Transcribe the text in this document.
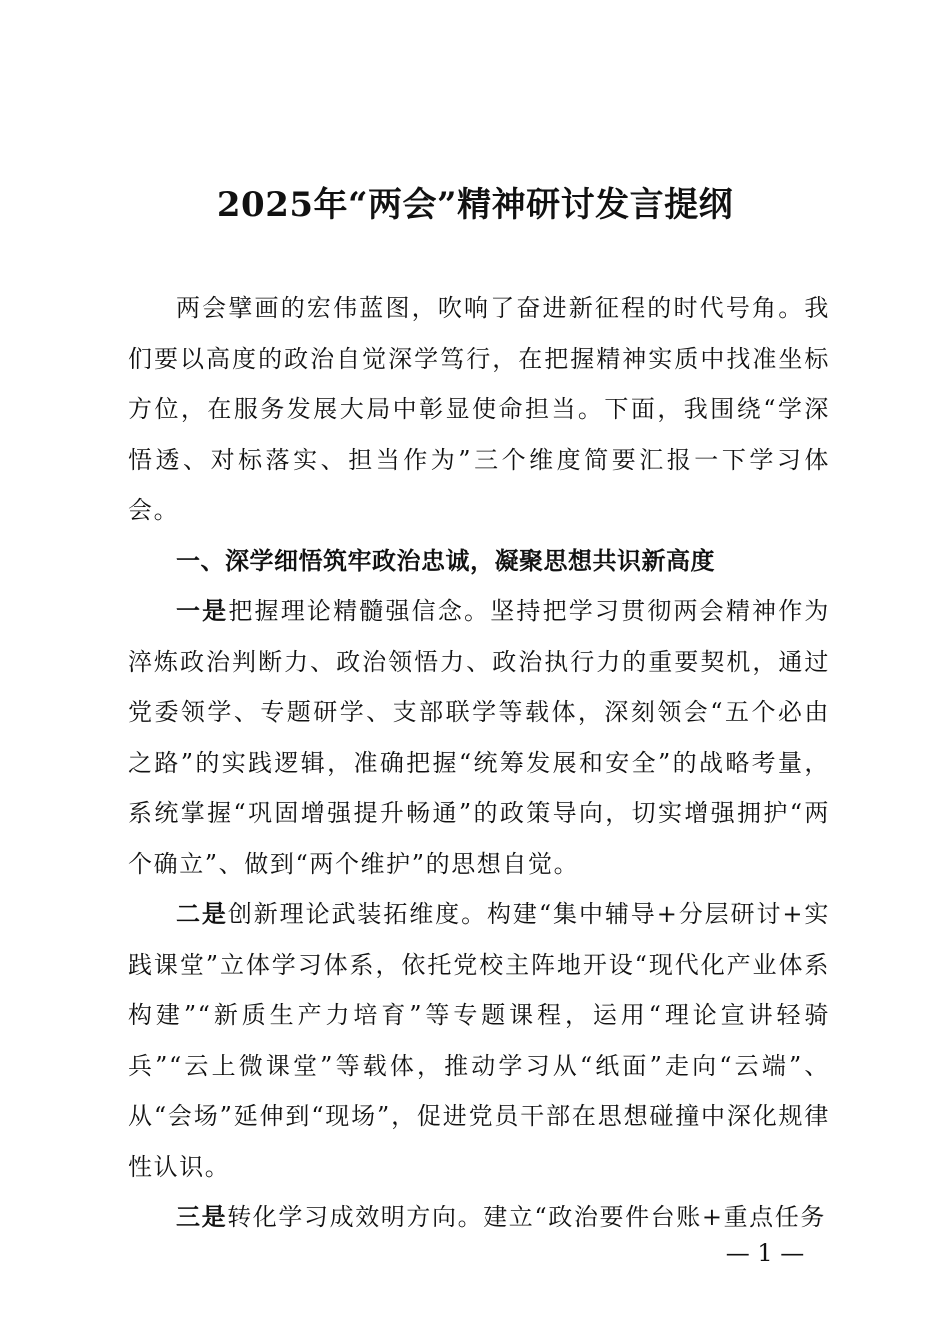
2025年“两会”精神研讨发言提纲

两会擘画的宏伟蓝图，吹响了奋进新征程的时代号角。我们要以高度的政治自觉深学笃行，在把握精神实质中找准坐标方位，在服务发展大局中彰显使命担当。下面，我围绕“学深悟透、对标落实、担当作为”三个维度简要汇报一下学习体会。

一、深学细悟筑牢政治忠诚，凝聚思想共识新高度

一是把握理论精髓强信念。坚持把学习贯彻两会精神作为淬炼政治判断力、政治领悟力、政治执行力的重要契机，通过党委领学、专题研学、支部联学等载体，深刻领会“五个必由之路”的实践逻辑，准确把握“统筹发展和安全”的战略考量，系统掌握“巩固增强提升畅通”的政策导向，切实增强拥护“两个确立”、做到“两个维护”的思想自觉。

二是创新理论武装拓维度。构建“集中辅导+分层研讨+实践课堂”立体学习体系，依托党校主阵地开设“现代化产业体系构建”“新质生产力培育”等专题课程，运用“理论宣讲轻骑兵”“云上微课堂”等载体，推动学习从“纸面”走向“云端”、从“会场”延伸到“现场”，促进党员干部在思想碰撞中深化规律性认识。

三是转化学习成效明方向。建立“政治要件台账+重点任务

— 1 —
